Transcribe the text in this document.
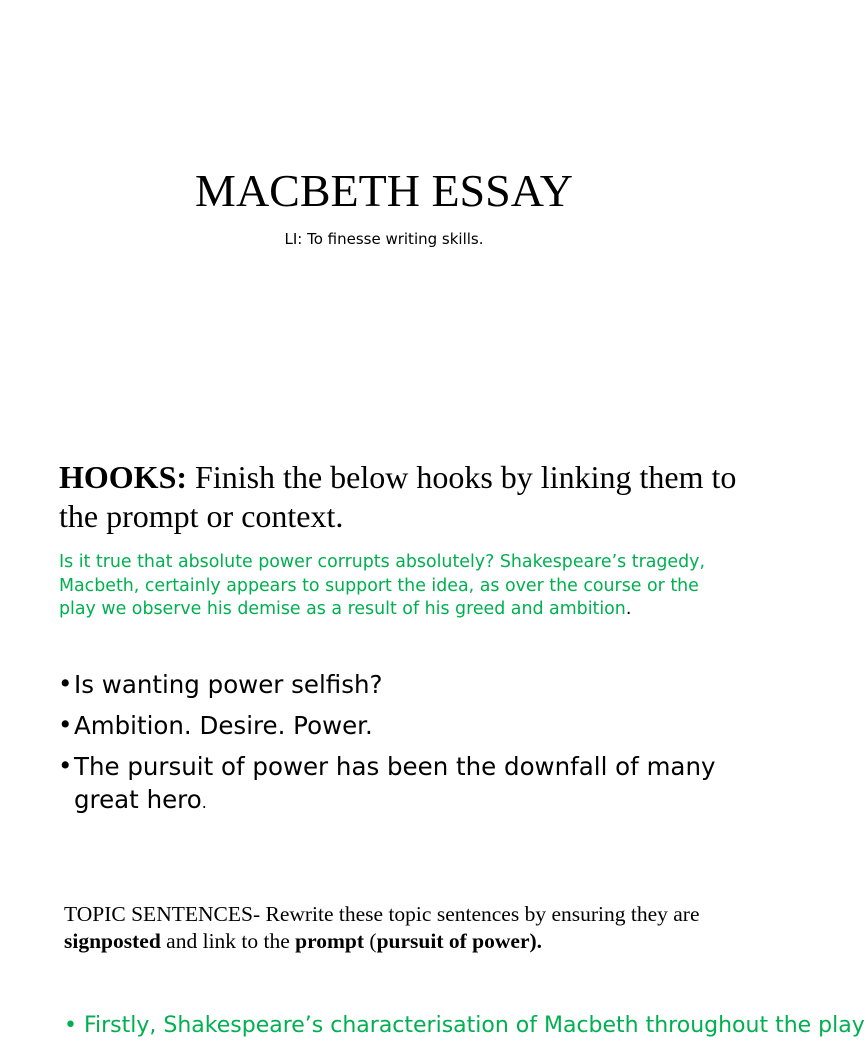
MACBETH ESSAY
LI: To finesse writing skills.
HOOKS: Finish the below hooks by linking them to the prompt or context.
Is it true that absolute power corrupts absolutely? Shakespeare’s tragedy, Macbeth, certainly appears to support the idea, as over the course or the play we observe his demise as a result of his greed and ambition.
• Is wanting power selfish?
• Ambition. Desire. Power.
• The pursuit of power has been the downfall of many great hero.
TOPIC SENTENCES- Rewrite these topic sentences by ensuring they are signposted and link to the prompt (pursuit of power).
• Firstly, Shakespeare’s characterisation of Macbeth throughout the play
